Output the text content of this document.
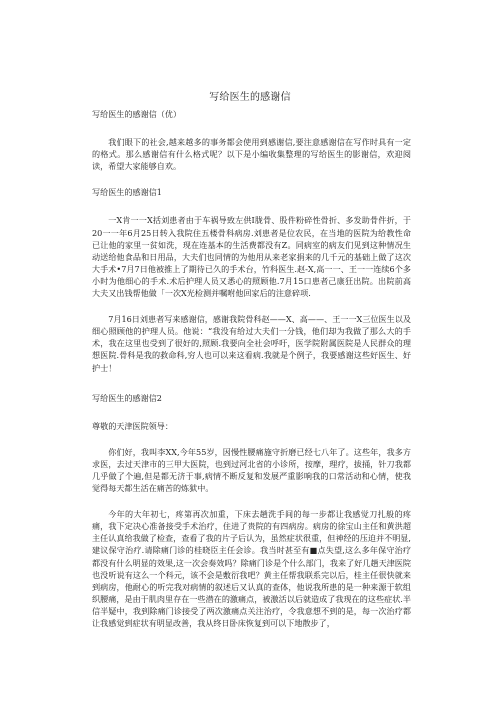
写给医生的感谢信

写给医生的感谢信（优）

我们眼下的社会,越来越多的事务都会使用到感谢信,要注意感谢信在写作时具有一定的格式。那么感谢信有什么格式呢？以下是小编收集整理的写给医生的影谢信，欢迎阅读，希望大家能够自欢。

写给医生的感谢信1

一X肯一一X括刘患者由于车祸导致左供I胧骨、股件粉碎性骨折、多发助骨件折，于20一一年6月25日转入我院住五楼骨科病房.刘患者是位农民，在当地的医院为给教性命已让他的家里一贫如洗，现在连基本的生活费都没有Z。同病室的病友们见到这种情况生动送给他食品和日用品，大夫们也同情的为他用从来老家捐来的几千元的基础上做了这次大手术•7月7日他被推上了期待已久的手术台，竹科医生.赵-X,高一一、王一一连续6个多小时为他细心的手术.术后护理人员又悉心的照顾他.7月15口患者己康狂出院。出院前高大夫又出钱帮他做「一次X光检测并嘱咐他回家后的注意碎项.

7月16日刘患者写来感谢信，感谢我院骨科赵——X、高——、王一一X三位医生以及细心照顾他的护理人员。他说：“我没有给过大夫们一分钱，他们却为我做了那么大的手术，我在这里也受到了很好的,照顾.我要向全社会呼吁，医学院附属医院是人民群众的理想医院.骨科是我的救命科,穷人也可以来这看病.我就是个例子，我要感谢这些好医生、好护士！

写给医生的感谢信2

尊敬的天津医院领导：

你们好，我叫李XX,今年55岁，因慢性腰痛施守折磨已经七八年了。这些年，我多方求医，去过天津市的三甲大医院，也到过河北省的小诊所，按摩，理疗，拔捅，针刀我都几乎做了个遍,但是都无济于事,病情不断反复和发展严重影响我的口常活动和心情，使我觉得每天都生活在痛苦的炼狱中。

今年的大年初七，疼第再次加重，下床去趟洗手间的每一步都让我感觉刀扎般的疼痛，我下定决心准备接受手术治疗，住进了贵院的有四病房。病房的徐宝山主任和黄洪超主任认真给我做了检查，查看了我的片子后认为，虽然症状很重，但神经的压迫并不明显,建议保守治疗.请除痛门诊的桂晓臣主任会诊。我当时甚至有■点失望,这么多年保守治疗都没有什么明显的效果,这一次会奏效吗？除痛门诊是个什么部门，我来了好几趟天津医院也没听说有这么一个科元，该不会是敷衍我吧？黄主任帮我联系完以后，桂主任很快就来到病房，他耐心的听完我对病情的叙述后又认真的查体，他说我所患的是一种来源于软组织腰痛，是由于肌肉里存在一些潜在的激痛点，被激活以后就造成了我现在的这些症状.半信半疑中，我到除痛门诊接受了两次激痛点关注治疗，令我意想不到的是，每一次治疗都让我感觉到症状有明显改善，我从终日卧床恢复到可以下地散步了，
